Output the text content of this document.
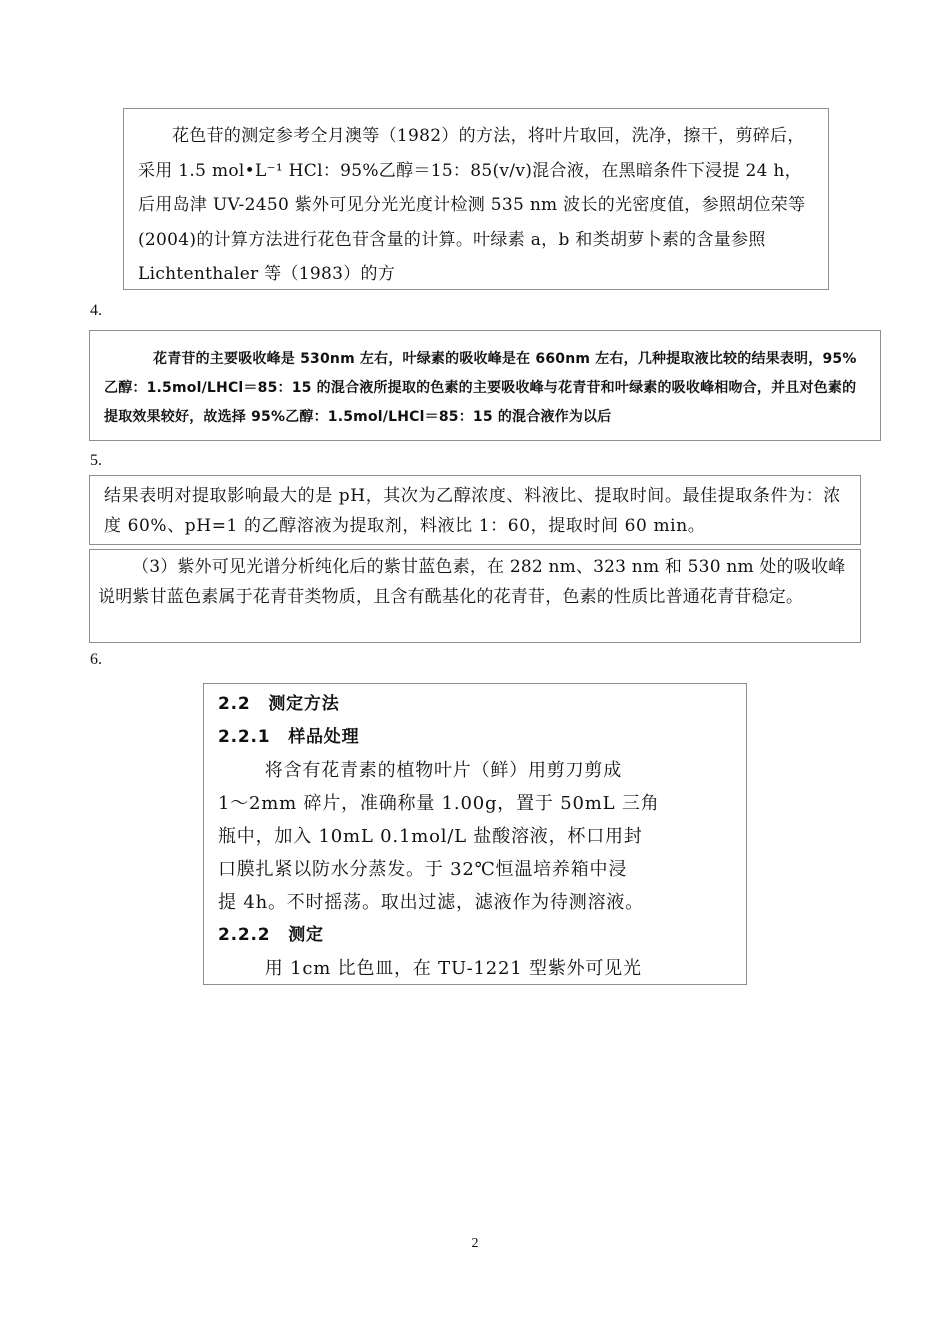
花色苷的测定参考仝月澳等（1982）的方法，将叶片取回，洗净，擦干，剪碎后，采用 1.5 mol•L⁻¹ HCl：95%乙醇＝15：85(v/v)混合液，在黑暗条件下浸提 24 h，后用岛津 UV-2450 紫外可见分光光度计检测 535 nm 波长的光密度值，参照胡位荣等(2004)的计算方法进行花色苷含量的计算。叶绿素 a，b 和类胡萝卜素的含量参照 Lichtenthaler 等（1983）的方

4.

花青苷的主要吸收峰是 530nm 左右，叶绿素的吸收峰是在 660nm 左右，几种提取液比较的结果表明，95%乙醇：1.5mol/LHCl＝85：15 的混合液所提取的色素的主要吸收峰与花青苷和叶绿素的吸收峰相吻合，并且对色素的提取效果较好，故选择 95%乙醇：1.5mol/LHCl＝85：15 的混合液作为以后

5.

结果表明对提取影响最大的是 pH，其次为乙醇浓度、料液比、提取时间。最佳提取条件为：浓度 60%、pH=1 的乙醇溶液为提取剂，料液比 1：60，提取时间 60 min。

（3）紫外可见光谱分析纯化后的紫甘蓝色素，在 282 nm、323 nm 和 530 nm 处的吸收峰说明紫甘蓝色素属于花青苷类物质，且含有酰基化的花青苷，色素的性质比普通花青苷稳定。

6.
2.2　测定方法
2.2.1　样品处理
将含有花青素的植物叶片（鲜）用剪刀剪成
1～2mm 碎片，准确称量 1.00g，置于 50mL 三角
瓶中，加入 10mL 0.1mol/L 盐酸溶液，杯口用封
口膜扎紧以防水分蒸发。于 32℃恒温培养箱中浸
提 4h。不时摇荡。取出过滤，滤液作为待测溶液。
2.2.2　测定
用 1cm 比色皿，在 TU-1221 型紫外可见光
2
